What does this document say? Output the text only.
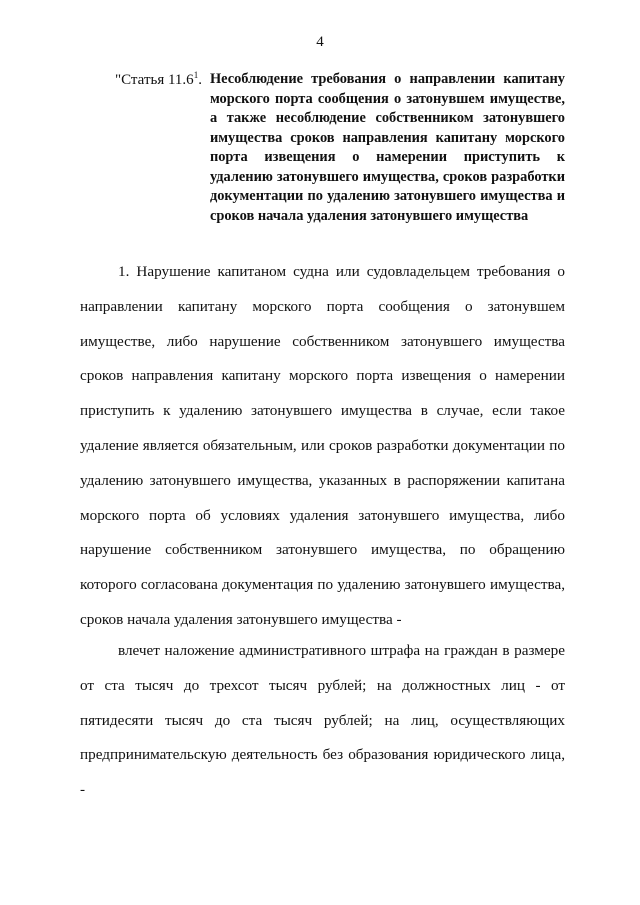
4
"Статья 11.6$^1$. Несоблюдение требования о направлении капитану морского порта сообщения о затонувшем имуществе, а также несоблюдение собственником затонувшего имущества сроков направления капитану морского порта извещения о намерении приступить к удалению затонувшего имущества, сроков разработки документации по удалению затонувшего имущества и сроков начала удаления затонувшего имущества

1. Нарушение капитаном судна или судовладельцем требования о направлении капитану морского порта сообщения о затонувшем имуществе, либо нарушение собственником затонувшего имущества сроков направления капитану морского порта извещения о намерении приступить к удалению затонувшего имущества в случае, если такое удаление является обязательным, или сроков разработки документации по удалению затонувшего имущества, указанных в распоряжении капитана морского порта об условиях удаления затонувшего имущества, либо нарушение собственником затонувшего имущества, по обращению которого согласована документация по удалению затонувшего имущества, сроков начала удаления затонувшего имущества -

влечет наложение административного штрафа на граждан в размере от ста тысяч до трехсот тысяч рублей; на должностных лиц - от пятидесяти тысяч до ста тысяч рублей; на лиц, осуществляющих предпринимательскую деятельность без образования юридического лица, -
